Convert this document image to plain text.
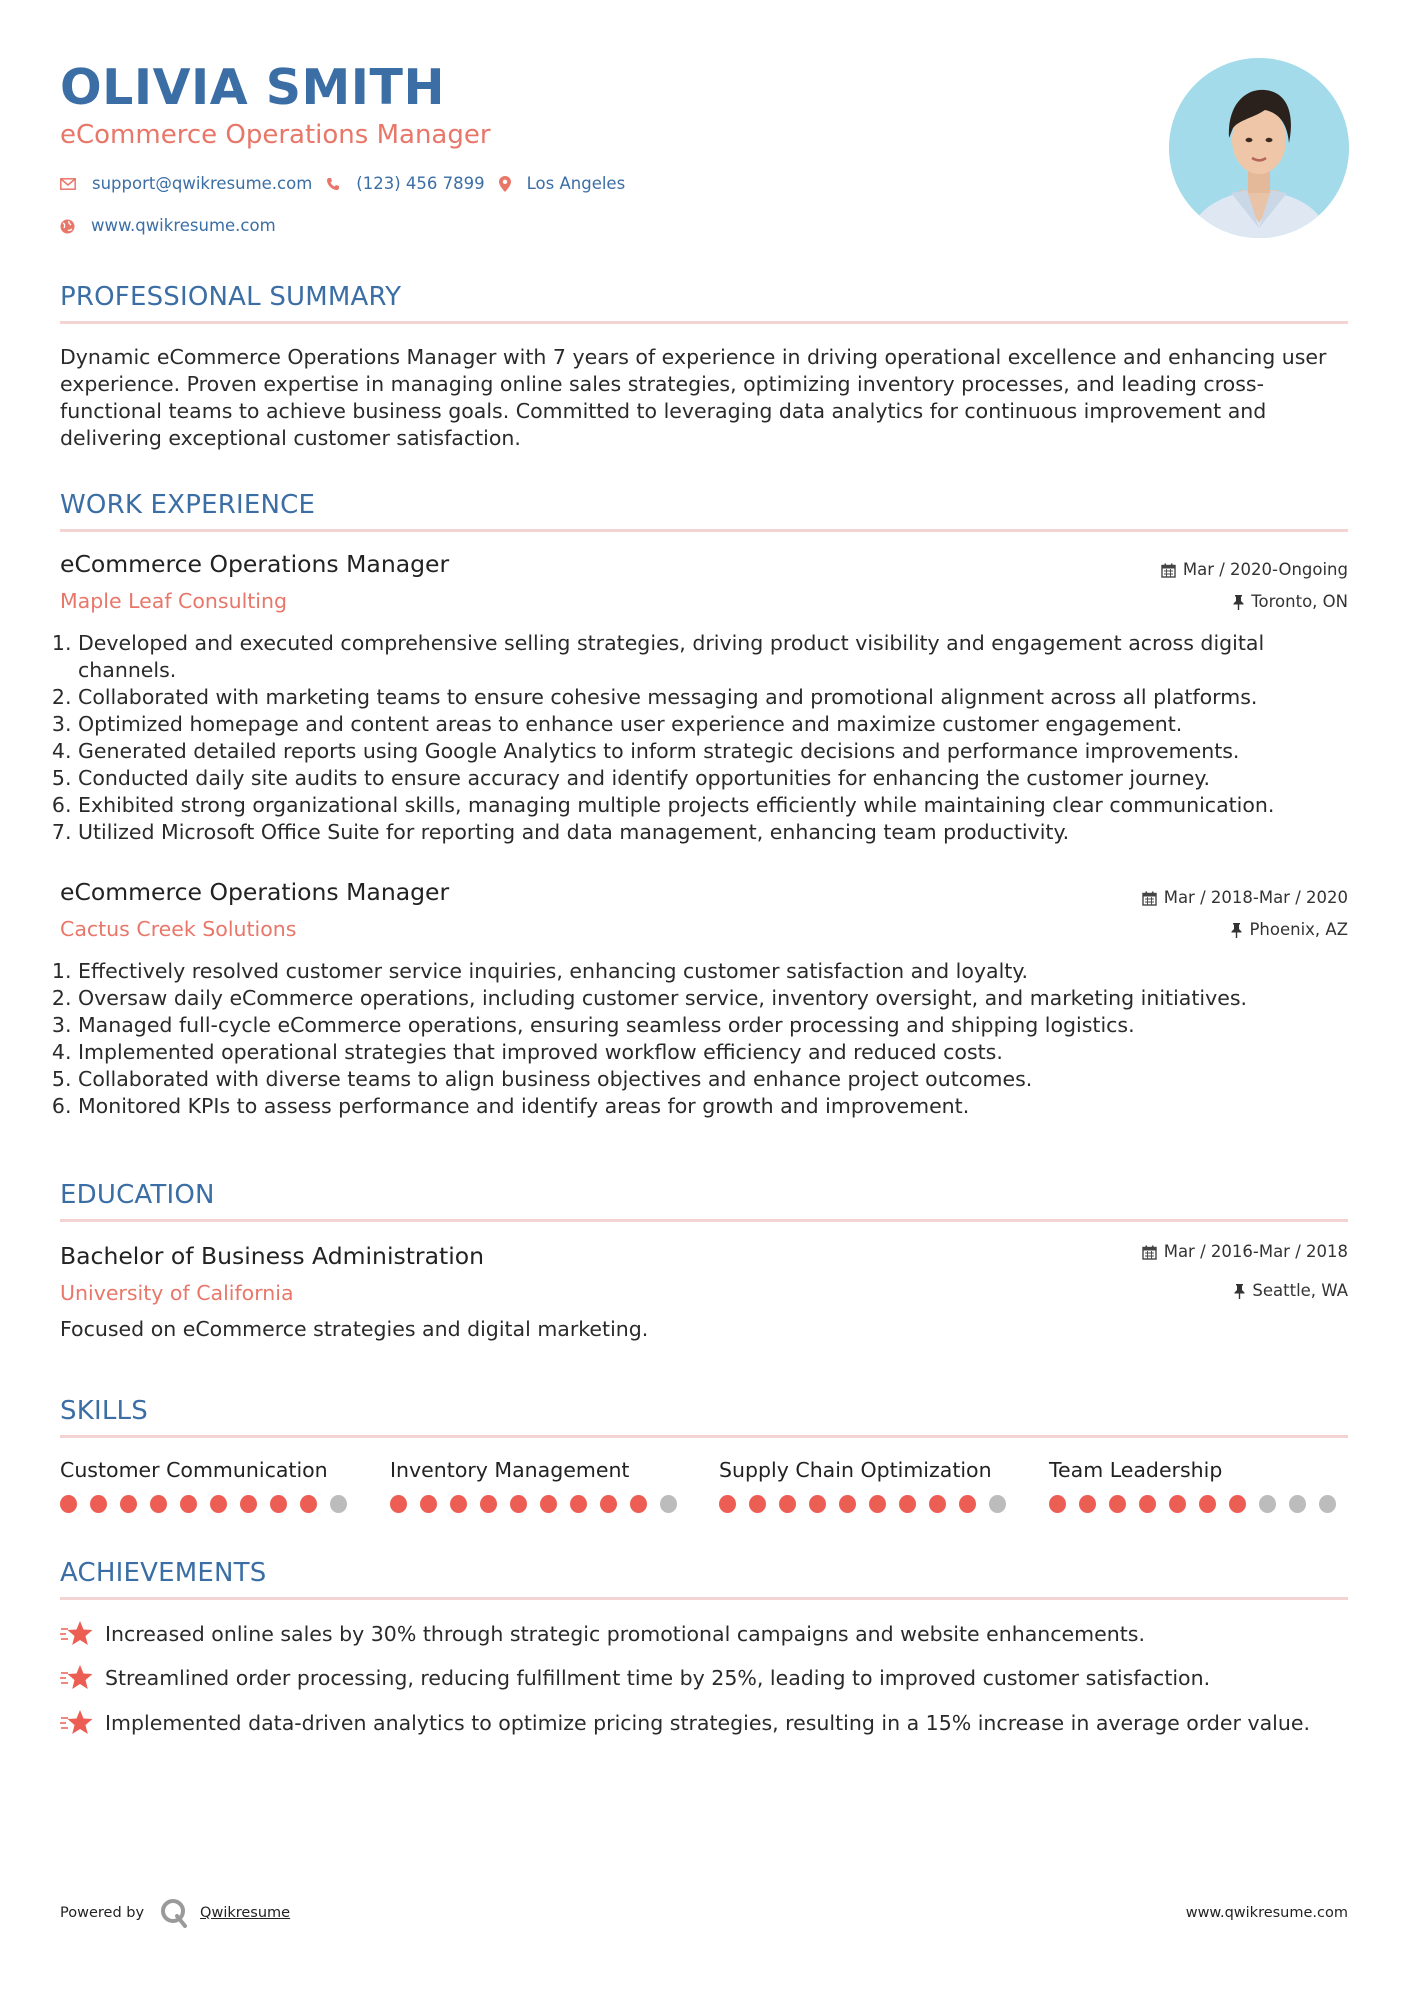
OLIVIA SMITH
eCommerce Operations Manager
support@qwikresume.com	(123) 456 7899	Los Angeles
www.qwikresume.com
PROFESSIONAL SUMMARY
Dynamic eCommerce Operations Manager with 7 years of experience in driving operational excellence and enhancing user experience. Proven expertise in managing online sales strategies, optimizing inventory processes, and leading cross-functional teams to achieve business goals. Committed to leveraging data analytics for continuous improvement and delivering exceptional customer satisfaction.
WORK EXPERIENCE
eCommerce Operations Manager
Maple Leaf Consulting
Mar / 2020-Ongoing
Toronto, ON
1. Developed and executed comprehensive selling strategies, driving product visibility and engagement across digital channels.
2. Collaborated with marketing teams to ensure cohesive messaging and promotional alignment across all platforms.
3. Optimized homepage and content areas to enhance user experience and maximize customer engagement.
4. Generated detailed reports using Google Analytics to inform strategic decisions and performance improvements.
5. Conducted daily site audits to ensure accuracy and identify opportunities for enhancing the customer journey.
6. Exhibited strong organizational skills, managing multiple projects efficiently while maintaining clear communication.
7. Utilized Microsoft Office Suite for reporting and data management, enhancing team productivity.
eCommerce Operations Manager
Cactus Creek Solutions
Mar / 2018-Mar / 2020
Phoenix, AZ
1. Effectively resolved customer service inquiries, enhancing customer satisfaction and loyalty.
2. Oversaw daily eCommerce operations, including customer service, inventory oversight, and marketing initiatives.
3. Managed full-cycle eCommerce operations, ensuring seamless order processing and shipping logistics.
4. Implemented operational strategies that improved workflow efficiency and reduced costs.
5. Collaborated with diverse teams to align business objectives and enhance project outcomes.
6. Monitored KPIs to assess performance and identify areas for growth and improvement.
EDUCATION
Bachelor of Business Administration
University of California
Mar / 2016-Mar / 2018
Seattle, WA
Focused on eCommerce strategies and digital marketing.
SKILLS
Customer Communication	Inventory Management	Supply Chain Optimization	Team Leadership
ACHIEVEMENTS
Increased online sales by 30% through strategic promotional campaigns and website enhancements.
Streamlined order processing, reducing fulfillment time by 25%, leading to improved customer satisfaction.
Implemented data-driven analytics to optimize pricing strategies, resulting in a 15% increase in average order value.
Powered by	Qwikresume	www.qwikresume.com
